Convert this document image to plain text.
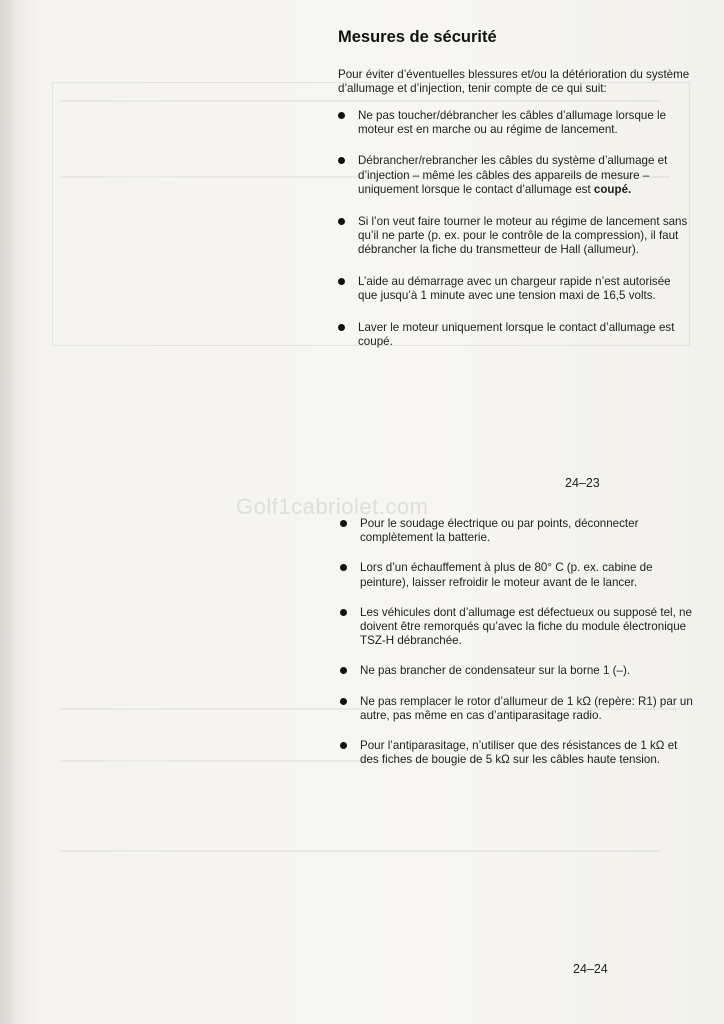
Golf1cabriolet.com
Mesures de sécurité

Pour éviter d’éventuelles blessures et/ou la détérioration du système d’allumage et d’injection, tenir compte de ce qui suit:

Ne pas toucher/débrancher les câbles d’allumage lorsque le moteur est en marche ou au régime de lancement.
Débrancher/rebrancher les câbles du système d’allumage et d’injection – même les câbles des appareils de mesure – uniquement lorsque le contact d’allumage est coupé.
Si l’on veut faire tourner le moteur au régime de lancement sans qu’il ne parte (p. ex. pour le contrôle de la compression), il faut débrancher la fiche du transmetteur de Hall (allumeur).
L’aide au démarrage avec un chargeur rapide n’est autorisée que jusqu’à 1 minute avec une tension maxi de 16,5 volts.
Laver le moteur uniquement lorsque le contact d’allumage est coupé.
24–23
Pour le soudage électrique ou par points, déconnecter complètement la batterie.
Lors d’un échauffement à plus de 80° C (p. ex. cabine de peinture), laisser refroidir le moteur avant de le lancer.
Les véhicules dont d’allumage est défectueux ou supposé tel, ne doivent être remorqués qu’avec la fiche du module électronique TSZ-H débranchée.
Ne pas brancher de condensateur sur la borne 1 (–).
Ne pas remplacer le rotor d’allumeur de 1 kΩ (repère: R1) par un autre, pas même en cas d’antiparasitage radio.
Pour l’antiparasitage, n’utiliser que des résistances de 1 kΩ et des fiches de bougie de 5 kΩ sur les câbles haute tension.
24–24
